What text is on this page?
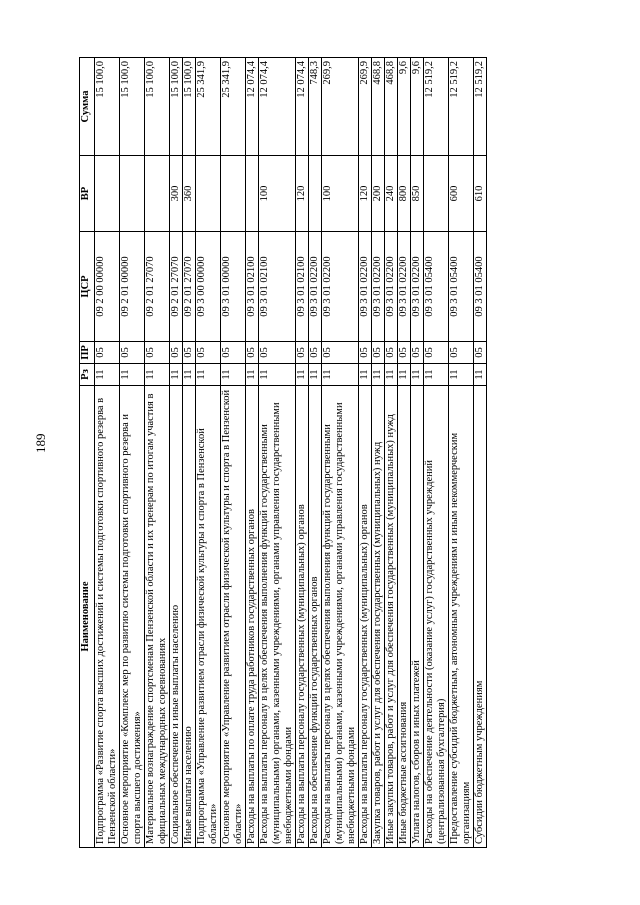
189
Наименование	Рз	ПР	ЦСР	ВР	Сумма
Подпрограмма «Развитие спорта высших достижений и системы подготовки спортивного резерва в Пензенской области»	11	05	09 2 00 00000		15 100,0
Основное мероприятие «Комплекс мер по развитию системы подготовки спортивного резерва и спорта высшего достижения»	11	05	09 2 01 00000		15 100,0
Материальное вознаграждение спортсменам Пензенской области и их тренерам по итогам участия в официальных международных соревнованиях	11	05	09 2 01 27070		15 100,0
Социальное обеспечение и иные выплаты населению	11	05	09 2 01 27070	300	15 100,0
Иные выплаты населению	11	05	09 2 01 27070	360	15 100,0
Подпрограмма «Управление развитием отрасли физической культуры и спорта в Пензенской области»	11	05	09 3 00 00000		25 341,9
Основное мероприятие «Управление развитием отрасли физической культуры и спорта в Пензенской области»	11	05	09 3 01 00000		25 341,9
Расходы на выплаты по оплате труда работников государственных органов	11	05	09 3 01 02100		12 074,4
Расходы на выплаты персоналу в целях обеспечения выполнения функций государственными (муниципальными) органами, казенными учреждениями, органами управления государственными внебюджетными фондами	11	05	09 3 01 02100	100	12 074,4
Расходы на выплаты персоналу государственных (муниципальных) органов	11	05	09 3 01 02100	120	12 074,4
Расходы на обеспечение функций государственных органов	11	05	09 3 01 02200		748,3
Расходы на выплаты персоналу в целях обеспечения выполнения функций государственными (муниципальными) органами, казенными учреждениями, органами управления государственными внебюджетными фондами	11	05	09 3 01 02200	100	269,9
Расходы на выплаты персоналу государственных (муниципальных) органов	11	05	09 3 01 02200	120	269,9
Закупка товаров, работ и услуг для обеспечения государственных (муниципальных) нужд	11	05	09 3 01 02200	200	468,8
Иные закупки товаров, работ и услуг для обеспечения государственных (муниципальных) нужд	11	05	09 3 01 02200	240	468,8
Иные бюджетные ассигнования	11	05	09 3 01 02200	800	9,6
Уплата налогов, сборов и иных платежей	11	05	09 3 01 02200	850	9,6
Расходы на обеспечение деятельности (оказание услуг) государственных учреждений (централизованная бухгалтерия)	11	05	09 3 01 05400		12 519,2
Предоставление субсидий бюджетным, автономным учреждениям и иным некоммерческим организациям	11	05	09 3 01 05400	600	12 519,2
Субсидии бюджетным учреждениям	11	05	09 3 01 05400	610	12 519,2
